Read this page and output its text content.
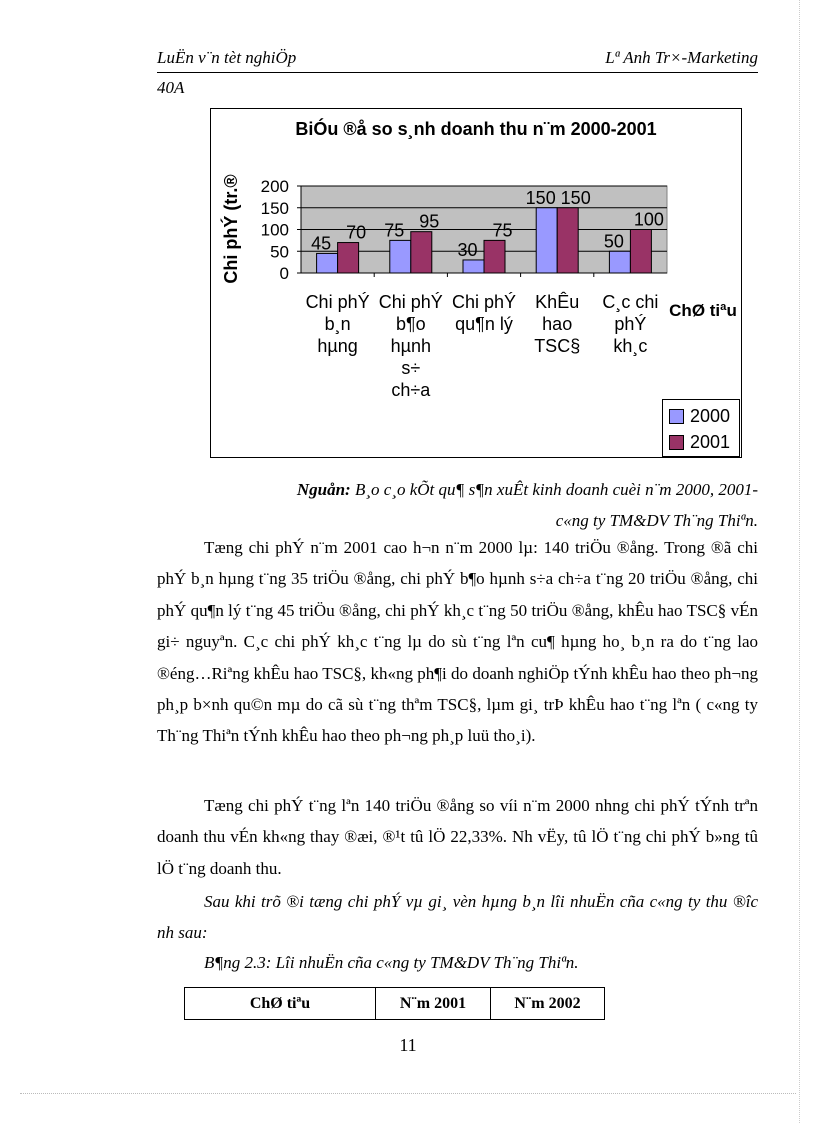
LuËn v¨n tèt nghiÖp	Lª Anh Tr×-Marketing
40A
BiÓu ®å so s¸nh doanh thu n¨m 2000-2001
Chi phÝ (tr.® 200
150
100
50
0
45
70
Chi phÝ
b¸n
hµng
75 95
Chi phÝ
b¶o
hµnh
s÷
ch÷a
30
75
Chi phÝ
qu¶n lý
150 150
KhÊu
hao
TSC§
50
100
C¸c chi
phÝ
kh¸c
ChØ tiªu
2000
2001
Nguån: B¸o c¸o kÕt qu¶ s¶n xuÊt kinh doanh cuèi n¨m 2000, 2001-
c«ng ty TM&DV Th¨ng Thiªn.
Tæng chi phÝ n¨m 2001 cao h¬n n¨m 2000 lµ: 140 triÖu ®ång. Trong ®ã chi phÝ b¸n hµng t¨ng 35 triÖu ®ång, chi phÝ b¶o hµnh s÷a ch÷a t¨ng 20 triÖu ®ång, chi phÝ qu¶n lý t¨ng 45 triÖu ®ång, chi phÝ kh¸c t¨ng 50 triÖu ®ång, khÊu hao TSC§ vÉn gi÷ nguyªn. C¸c chi phÝ kh¸c t¨ng lµ do sù t¨ng lªn cu¶ hµng ho¸ b¸n ra do t¨ng lao ®éng…Riªng khÊu hao TSC§, kh«ng ph¶i do doanh nghiÖp tÝnh khÊu hao theo ph¬ng ph¸p b×nh qu©n mµ do cã sù t¨ng thªm TSC§, lµm gi¸ trÞ khÊu hao t¨ng lªn ( c«ng ty Th¨ng Thiªn tÝnh khÊu hao theo ph¬ng ph¸p luü tho¸i).
Tæng chi phÝ t¨ng lªn 140 triÖu ®ång so víi n¨m 2000 nhng chi phÝ tÝnh trªn doanh thu vÉn kh«ng thay ®æi, ®¹t tû lÖ 22,33%. Nh vËy, tû lÖ t¨ng chi phÝ b»ng tû lÖ t¨ng doanh thu.
Sau khi trõ ®i tæng chi phÝ vµ gi¸ vèn hµng b¸n lîi nhuËn cña c«ng ty thu ®îc nh sau:
B¶ng 2.3: Lîi nhuËn cña c«ng ty TM&DV Th¨ng Thiªn.
ChØ tiªu	N¨m 2001	N¨m 2002
11
